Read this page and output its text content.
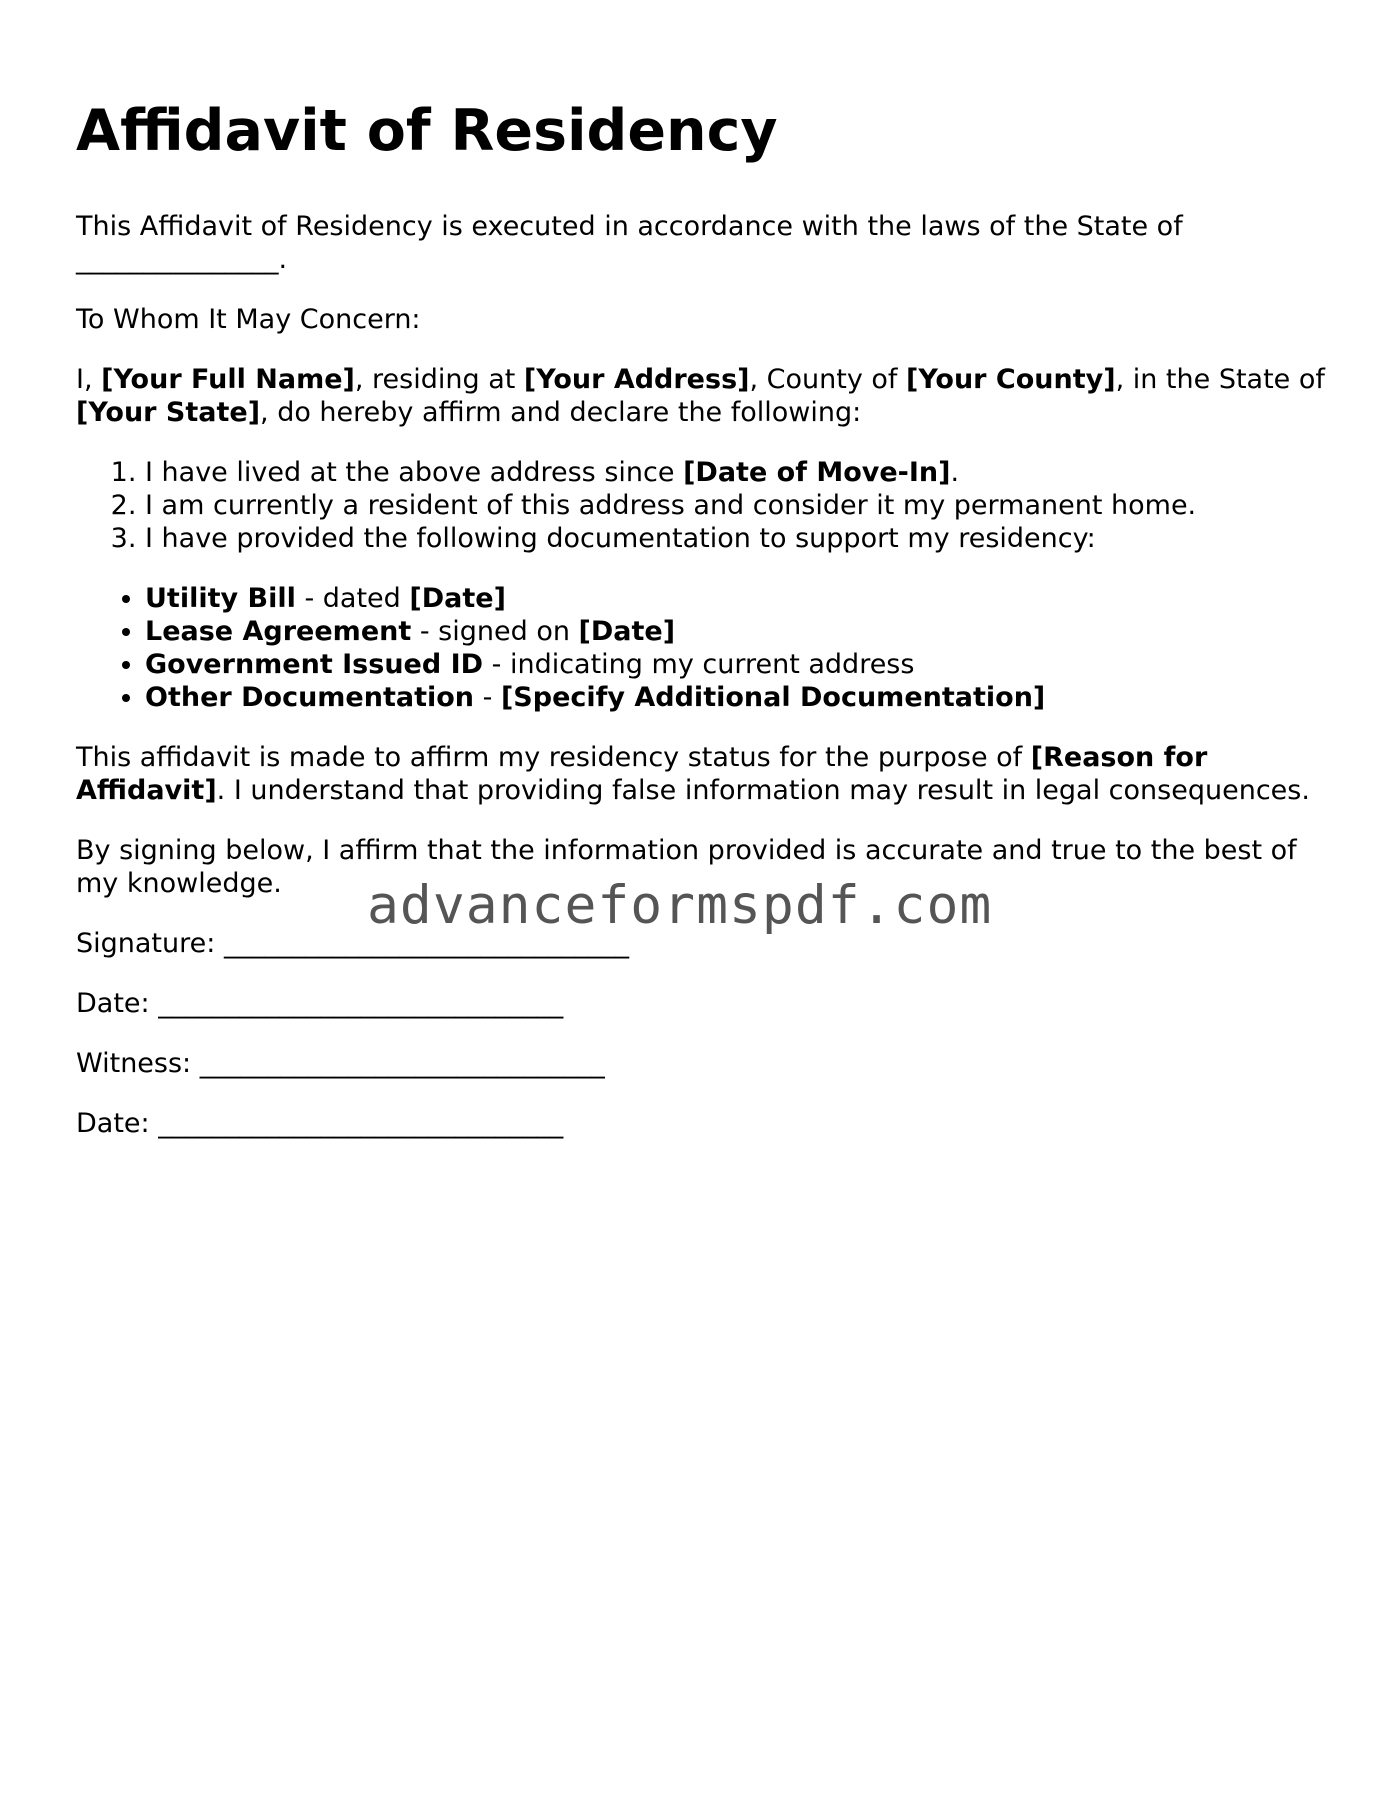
Affidavit of Residency

This Affidavit of Residency is executed in accordance with the laws of the State of
_______________.

To Whom It May Concern:

I, [Your Full Name], residing at [Your Address], County of [Your County], in the State of [Your State], do hereby affirm and declare the following:

1. I have lived at the above address since [Date of Move-In].
2. I am currently a resident of this address and consider it my permanent home.
3. I have provided the following documentation to support my residency:
• Utility Bill - dated [Date]
• Lease Agreement - signed on [Date]
• Government Issued ID - indicating my current address
• Other Documentation - [Specify Additional Documentation]

This affidavit is made to affirm my residency status for the purpose of [Reason for Affidavit]. I understand that providing false information may result in legal consequences.

By signing below, I affirm that the information provided is accurate and true to the best of my knowledge.

Signature: ______________________________
Date: ______________________________
Witness: ______________________________
Date: ______________________________
advanceformspdf.com
